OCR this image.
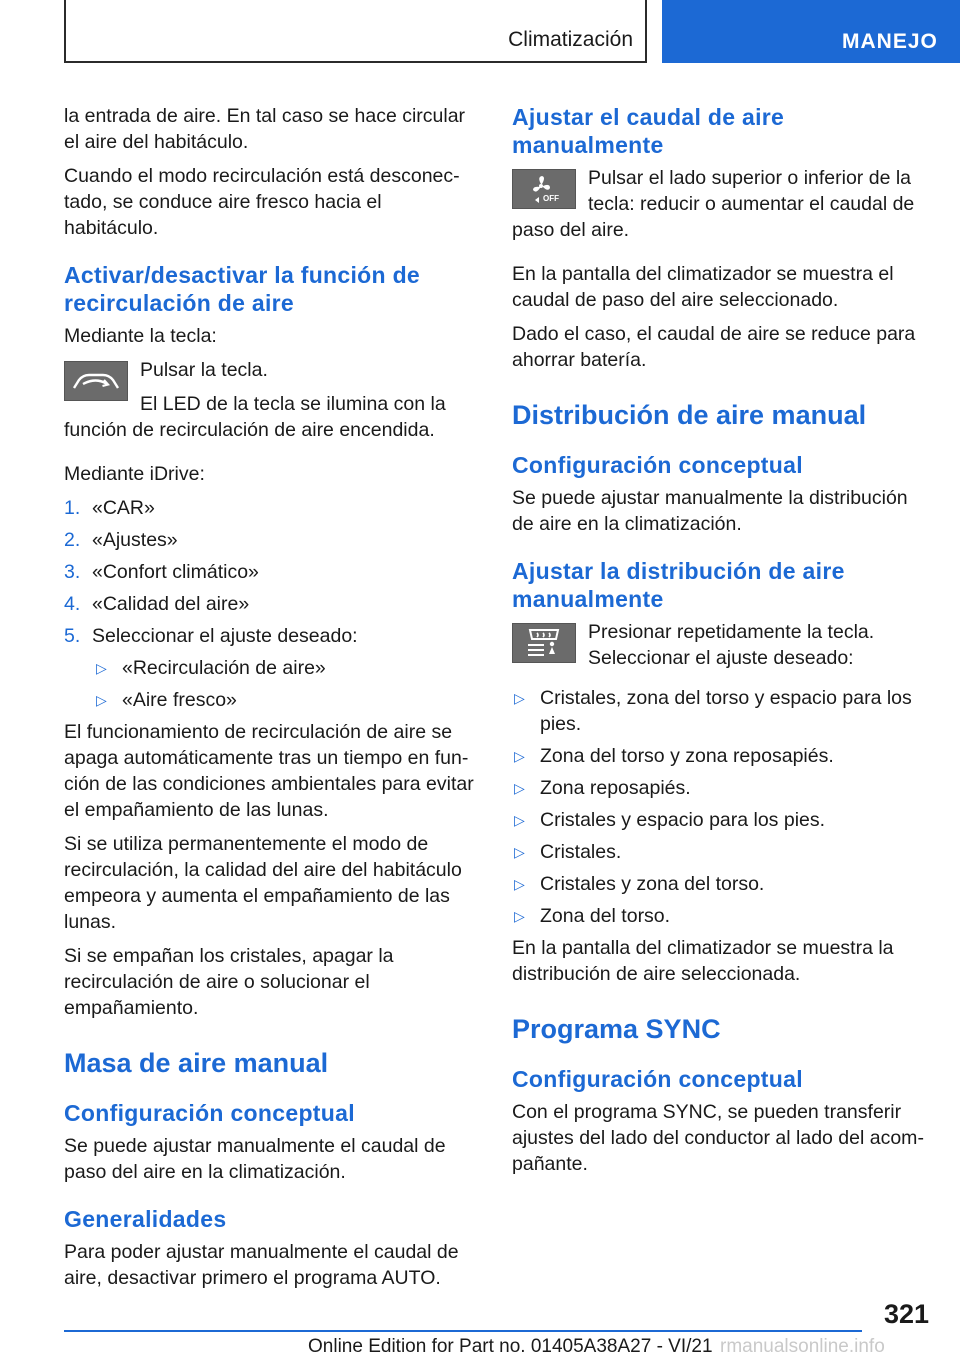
Climatización	MANEJO

la entrada de aire. En tal caso se hace circular el aire del habitáculo.

Cuando el modo recirculación está desconectado, se conduce aire fresco hacia el habitáculo.

Activar/desactivar la función de recirculación de aire

Mediante la tecla:

Pulsar la tecla.
El LED de la tecla se ilumina con la función de recirculación de aire encendida.

Mediante iDrive:

1. «CAR»
2. «Ajustes»
3. «Confort climático»
4. «Calidad del aire»
5. Seleccionar el ajuste deseado:
▷ «Recirculación de aire»
▷ «Aire fresco»

El funcionamiento de recirculación de aire se apaga automáticamente tras un tiempo en función de las condiciones ambientales para evitar el empañamiento de las lunas.

Si se utiliza permanentemente el modo de recirculación, la calidad del aire del habitáculo empeora y aumenta el empañamiento de las lunas.

Si se empañan los cristales, apagar la recirculación de aire o solucionar el empañamiento.

Masa de aire manual
Configuración conceptual

Se puede ajustar manualmente el caudal de paso del aire en la climatización.

Generalidades

Para poder ajustar manualmente el caudal de aire, desactivar primero el programa AUTO.

Ajustar el caudal de aire manualmente
OFF
Pulsar el lado superior o inferior de la tecla: reducir o aumentar el caudal de paso del aire.

En la pantalla del climatizador se muestra el caudal de paso del aire seleccionado.

Dado el caso, el caudal de aire se reduce para ahorrar batería.

Distribución de aire manual
Configuración conceptual

Se puede ajustar manualmente la distribución de aire en la climatización.

Ajustar la distribución de aire manualmente
Presionar repetidamente la tecla. Seleccionar el ajuste deseado:
▷ Cristales, zona del torso y espacio para los pies.
▷ Zona del torso y zona reposapiés.
▷ Zona reposapiés.
▷ Cristales y espacio para los pies.
▷ Cristales.
▷ Cristales y zona del torso.
▷ Zona del torso.

En la pantalla del climatizador se muestra la distribución de aire seleccionada.

Programa SYNC
Configuración conceptual

Con el programa SYNC, se pueden transferir ajustes del lado del conductor al lado del acompañante.

321
Online Edition for Part no. 01405A38A27 - VI/21 rmanualsonline.info
